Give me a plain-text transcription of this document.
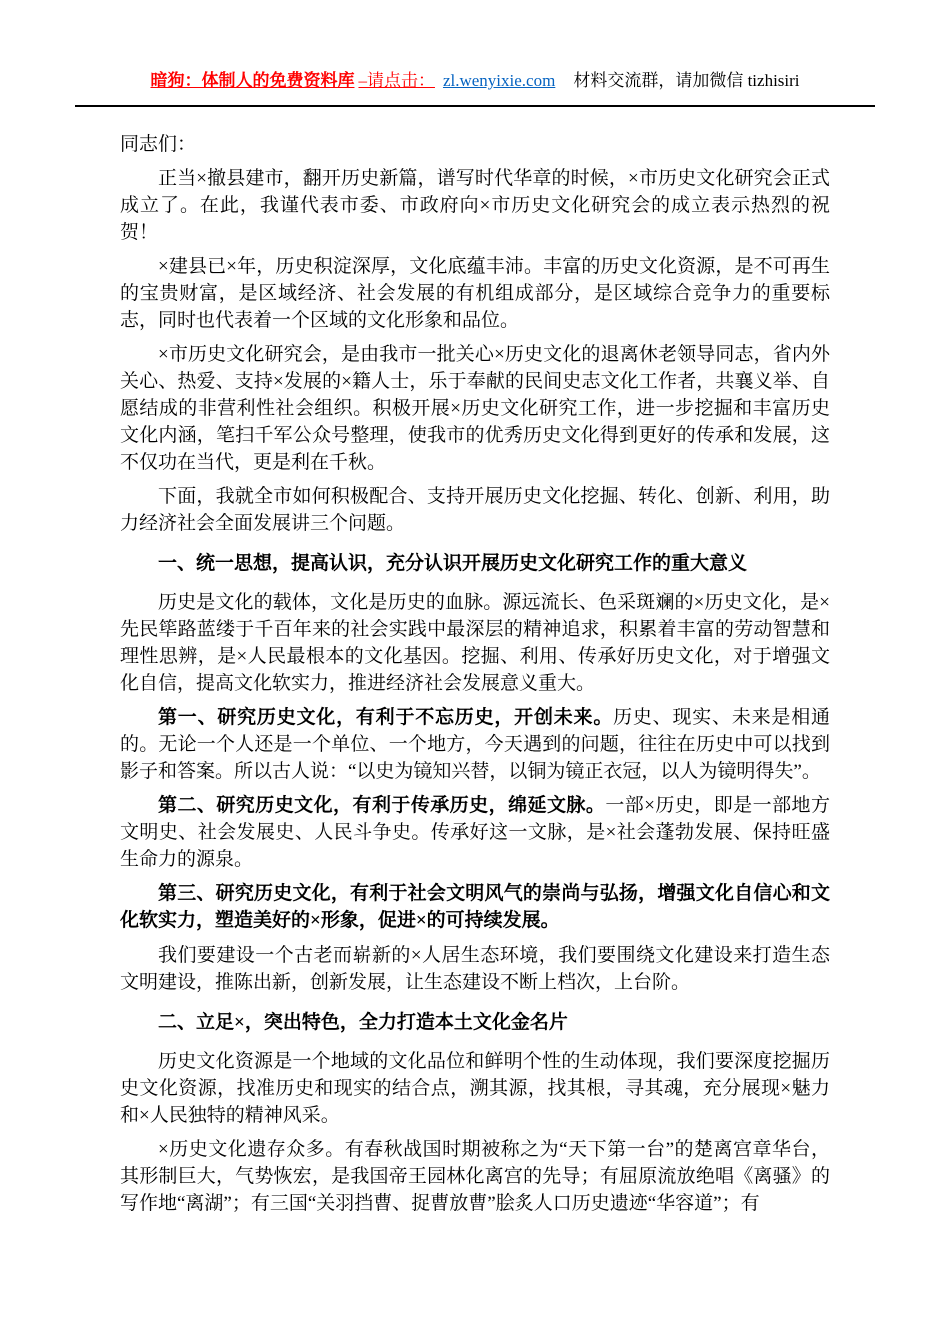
暗狗：体制人的免费资料库 –请点击： zl.wenyixie.com 材料交流群，请加微信 tizhisiri

同志们：

正当×撤县建市，翻开历史新篇，谱写时代华章的时候，×市历史文化研究会正式成立了。在此，我谨代表市委、市政府向×市历史文化研究会的成立表示热烈的祝贺！

×建县已×年，历史积淀深厚，文化底蕴丰沛。丰富的历史文化资源，是不可再生的宝贵财富，是区域经济、社会发展的有机组成部分，是区域综合竞争力的重要标志，同时也代表着一个区域的文化形象和品位。

×市历史文化研究会，是由我市一批关心×历史文化的退离休老领导同志，省内外关心、热爱、支持×发展的×籍人士，乐于奉献的民间史志文化工作者，共襄义举、自愿结成的非营利性社会组织。积极开展×历史文化研究工作，进一步挖掘和丰富历史文化内涵，笔扫千军公众号整理，使我市的优秀历史文化得到更好的传承和发展，这不仅功在当代，更是利在千秋。

下面，我就全市如何积极配合、支持开展历史文化挖掘、转化、创新、利用，助力经济社会全面发展讲三个问题。

一、统一思想，提高认识，充分认识开展历史文化研究工作的重大意义

历史是文化的载体，文化是历史的血脉。源远流长、色采斑斓的×历史文化，是×先民筚路蓝缕于千百年来的社会实践中最深层的精神追求，积累着丰富的劳动智慧和理性思辨，是×人民最根本的文化基因。挖掘、利用、传承好历史文化，对于增强文化自信，提高文化软实力，推进经济社会发展意义重大。

第一、研究历史文化，有利于不忘历史，开创未来。历史、现实、未来是相通的。无论一个人还是一个单位、一个地方，今天遇到的问题，往往在历史中可以找到影子和答案。所以古人说：“以史为镜知兴替，以铜为镜正衣冠，以人为镜明得失”。

第二、研究历史文化，有利于传承历史，绵延文脉。一部×历史，即是一部地方文明史、社会发展史、人民斗争史。传承好这一文脉，是×社会蓬勃发展、保持旺盛生命力的源泉。

第三、研究历史文化，有利于社会文明风气的崇尚与弘扬，增强文化自信心和文化软实力，塑造美好的×形象，促进×的可持续发展。

我们要建设一个古老而崭新的×人居生态环境，我们要围绕文化建设来打造生态文明建设，推陈出新，创新发展，让生态建设不断上档次，上台阶。

二、立足×，突出特色，全力打造本土文化金名片

历史文化资源是一个地域的文化品位和鲜明个性的生动体现，我们要深度挖掘历史文化资源，找准历史和现实的结合点，溯其源，找其根，寻其魂，充分展现×魅力和×人民独特的精神风采。

×历史文化遗存众多。有春秋战国时期被称之为“天下第一台”的楚离宫章华台，其形制巨大，气势恢宏，是我国帝王园林化离宫的先导；有屈原流放绝唱《离骚》的写作地“离湖”；有三国“关羽挡曹、捉曹放曹”脍炙人口历史遗迹“华容道”；有
